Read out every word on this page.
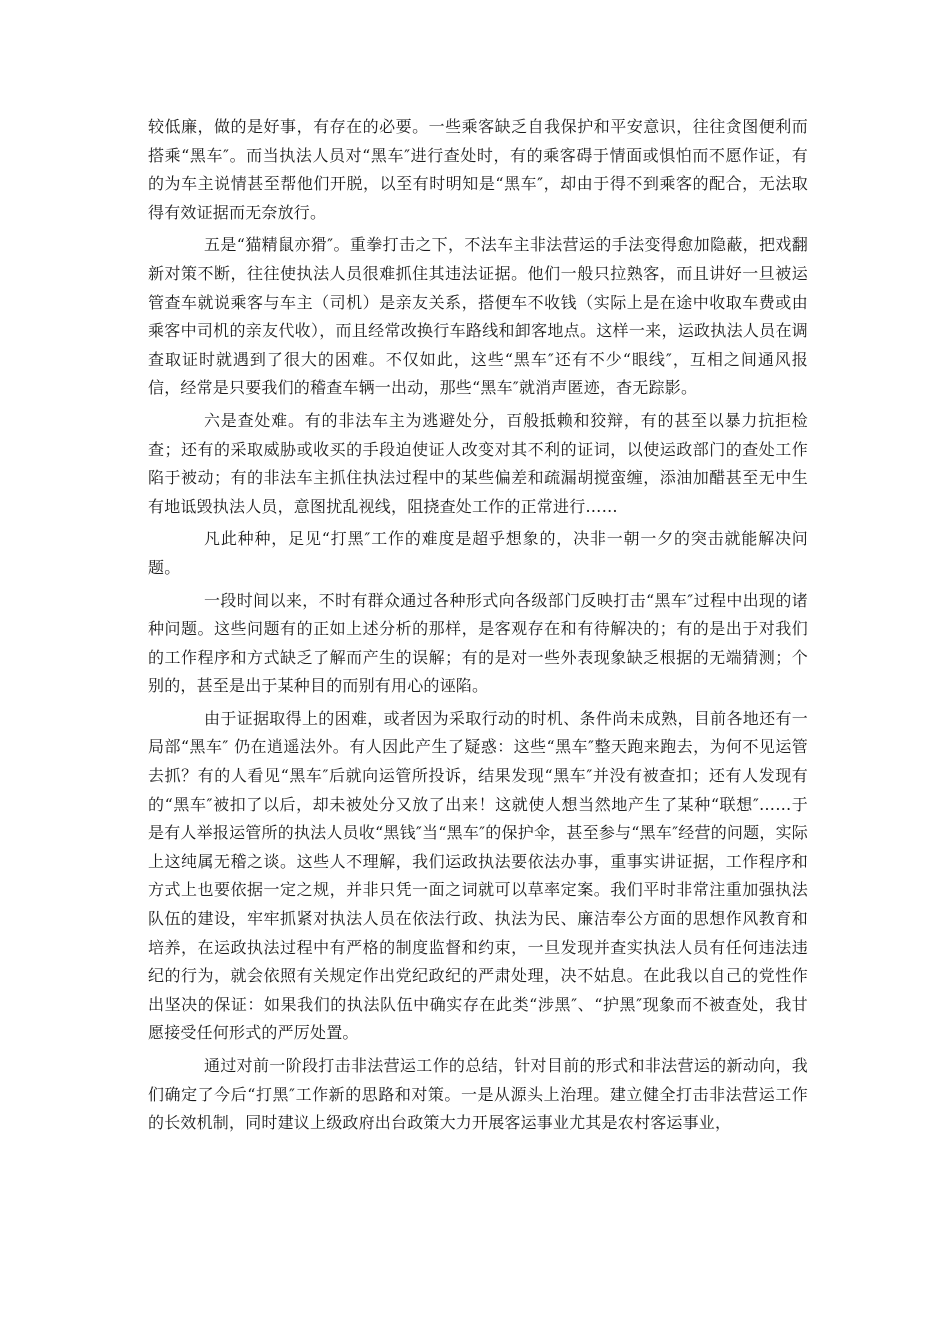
较低廉，做的是好事，有存在的必要。一些乘客缺乏自我保护和平安意识，往往贪图便利而搭乘“黑车″。而当执法人员对“黑车″进行查处时，有的乘客碍于情面或惧怕而不愿作证，有的为车主说情甚至帮他们开脱，以至有时明知是“黑车″，却由于得不到乘客的配合，无法取得有效证据而无奈放行。

五是“猫精鼠亦猾″。重拳打击之下，不法车主非法营运的手法变得愈加隐蔽，把戏翻新对策不断，往往使执法人员很难抓住其违法证据。他们一般只拉熟客，而且讲好一旦被运管查车就说乘客与车主（司机）是亲友关系，搭便车不收钱（实际上是在途中收取车费或由乘客中司机的亲友代收），而且经常改换行车路线和卸客地点。这样一来，运政执法人员在调查取证时就遇到了很大的困难。不仅如此，这些“黑车″还有不少“眼线″，互相之间通风报信，经常是只要我们的稽查车辆一出动，那些“黑车″就消声匿迹，杳无踪影。

六是查处难。有的非法车主为逃避处分，百般抵赖和狡辩，有的甚至以暴力抗拒检查；还有的采取威胁或收买的手段迫使证人改变对其不利的证词，以使运政部门的查处工作陷于被动；有的非法车主抓住执法过程中的某些偏差和疏漏胡搅蛮缠，添油加醋甚至无中生有地诋毁执法人员，意图扰乱视线，阻挠查处工作的正常进行……

凡此种种，足见“打黑″工作的难度是超乎想象的，决非一朝一夕的突击就能解决问题。

一段时间以来，不时有群众通过各种形式向各级部门反映打击“黑车″过程中出现的诸种问题。这些问题有的正如上述分析的那样，是客观存在和有待解决的；有的是出于对我们的工作程序和方式缺乏了解而产生的误解；有的是对一些外表现象缺乏根据的无端猜测；个别的，甚至是出于某种目的而别有用心的诬陷。

由于证据取得上的困难，或者因为采取行动的时机、条件尚未成熟，目前各地还有一局部“黑车″ 仍在逍遥法外。有人因此产生了疑惑：这些“黑车″整天跑来跑去，为何不见运管去抓？有的人看见“黑车″后就向运管所投诉，结果发现“黑车″并没有被查扣；还有人发现有的“黑车″被扣了以后，却未被处分又放了出来！这就使人想当然地产生了某种“联想″……于是有人举报运管所的执法人员收“黑钱″当“黑车″的保护伞，甚至参与“黑车″经营的问题，实际上这纯属无稽之谈。这些人不理解，我们运政执法要依法办事，重事实讲证据，工作程序和方式上也要依据一定之规，并非只凭一面之词就可以草率定案。我们平时非常注重加强执法队伍的建设，牢牢抓紧对执法人员在依法行政、执法为民、廉洁奉公方面的思想作风教育和培养，在运政执法过程中有严格的制度监督和约束，一旦发现并查实执法人员有任何违法违纪的行为，就会依照有关规定作出党纪政纪的严肃处理，决不姑息。在此我以自己的党性作出坚决的保证：如果我们的执法队伍中确实存在此类“涉黑″、“护黑″现象而不被查处，我甘愿接受任何形式的严厉处置。

通过对前一阶段打击非法营运工作的总结，针对目前的形式和非法营运的新动向，我们确定了今后“打黑″工作新的思路和对策。一是从源头上治理。建立健全打击非法营运工作的长效机制，同时建议上级政府出台政策大力开展客运事业尤其是农村客运事业，
